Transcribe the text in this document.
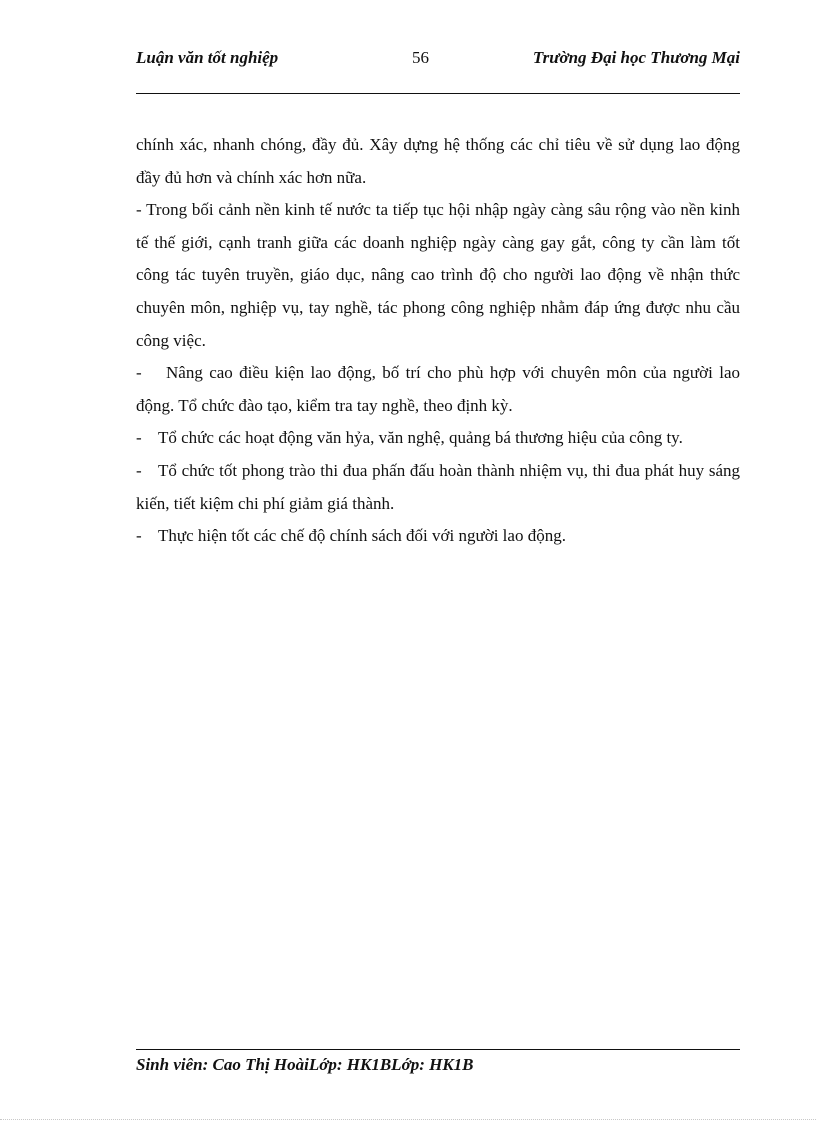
Luận văn tốt nghiệp	56	Trường Đại học Thương Mại

chính xác, nhanh chóng, đầy đủ. Xây dựng hệ thống các chỉ tiêu về sử dụng lao động đầy đủ hơn và chính xác hơn nữa.

- Trong bối cảnh nền kinh tế nước ta tiếp tục hội nhập ngày càng sâu rộng vào nền kinh tế thế giới, cạnh tranh giữa các doanh nghiệp ngày càng gay gắt, công ty cần làm tốt công tác tuyên truyền, giáo dục, nâng cao trình độ cho người lao động về nhận thức chuyên môn, nghiệp vụ, tay nghề, tác phong công nghiệp nhằm đáp ứng được nhu cầu công việc.

- Nâng cao điều kiện lao động, bố trí cho phù hợp với chuyên môn của người lao động. Tổ chức đào tạo, kiểm tra tay nghề, theo định kỳ.

- Tổ chức các hoạt động văn hỷa, văn nghệ, quảng bá thương hiệu của công ty.

- Tổ chức tốt phong trào thi đua phấn đấu hoàn thành nhiệm vụ, thi đua phát huy sáng kiến, tiết kiệm chi phí giảm giá thành.

- Thực hiện tốt các chế độ chính sách đối với người lao động.

Sinh viên: Cao Thị HoàiLớp: HK1BLớp: HK1B
